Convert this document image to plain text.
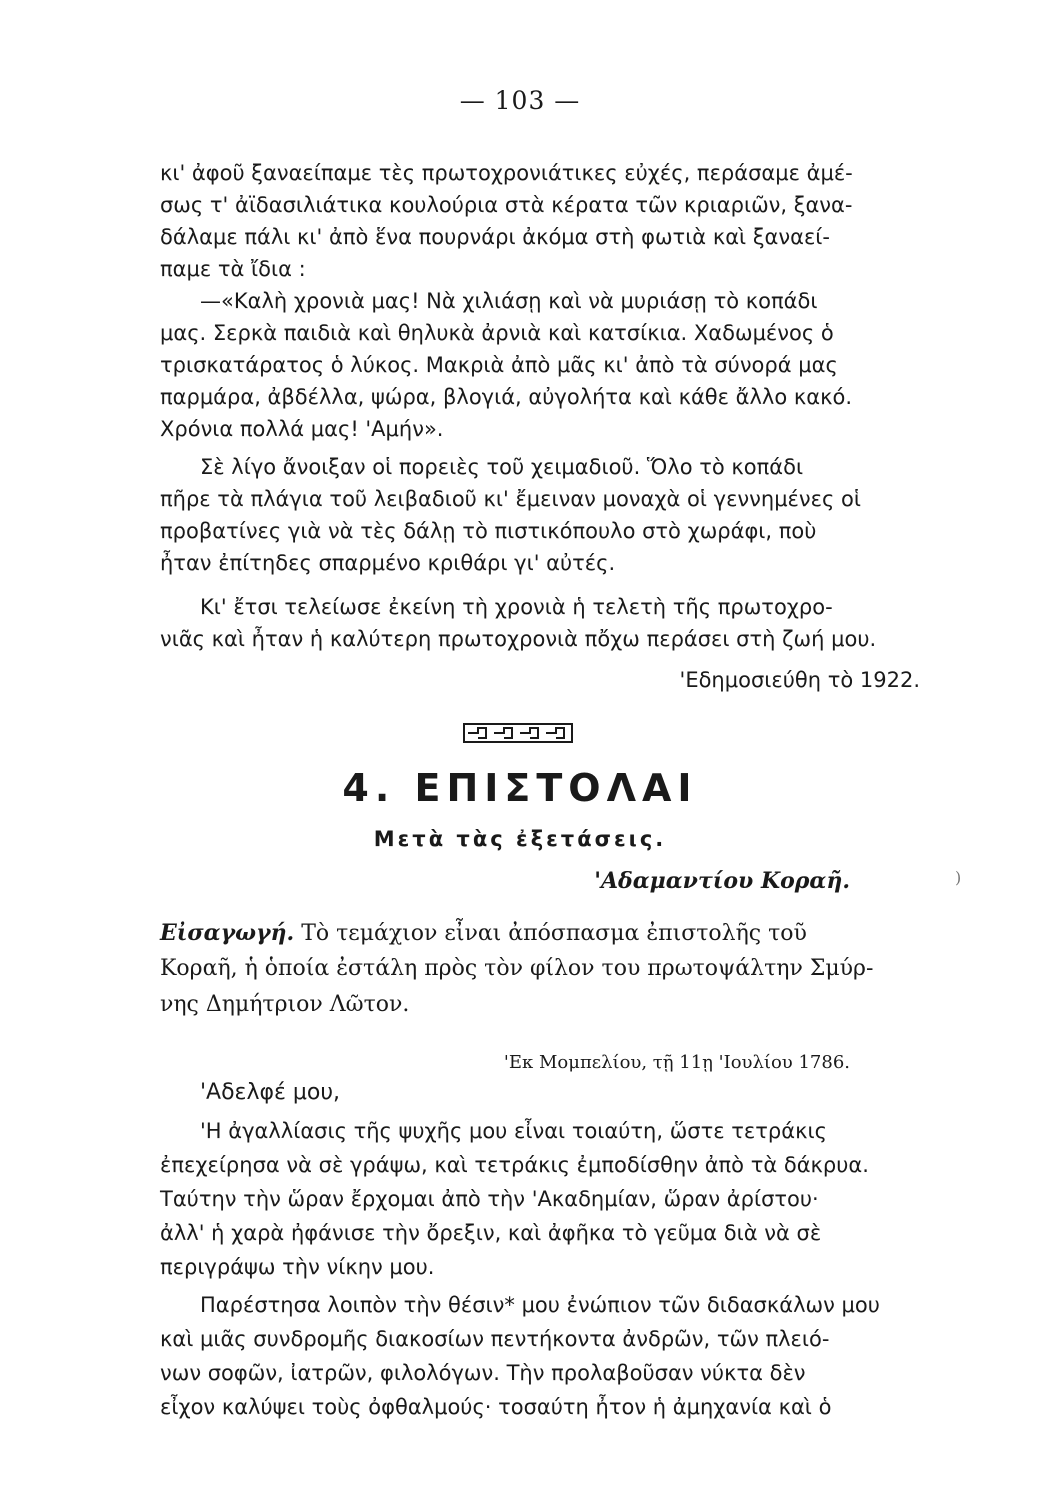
— 103 —
κι' ἀφοῦ ξαναείπαμε τὲς πρωτοχρονιάτικες εὐχές, περάσαμε ἀμέ-
σως τ' ἀϊδασιλιάτικα κουλούρια στὰ κέρατα τῶν κριαριῶν, ξανα-
δάλαμε πάλι κι' ἀπὸ ἕνα πουρνάρι ἀκόμα στὴ φωτιὰ καὶ ξαναεί-
παμε τὰ ἴδια :
—«Καλὴ χρονιὰ μας! Νὰ χιλιάσῃ καὶ νὰ μυριάσῃ τὸ κοπάδι
μας. Σερκὰ παιδιὰ καὶ θηλυκὰ ἀρνιὰ καὶ κατσίκια. Χαδωμένος ὁ
τρισκατάρατος ὁ λύκος. Μακριὰ ἀπὸ μᾶς κι' ἀπὸ τὰ σύνορά μας
παρμάρα, ἀβδέλλα, ψώρα, βλογιά, αὐγολήτα καὶ κάθε ἄλλο κακό.
Χρόνια πολλά μας! 'Αμήν».
Σὲ λίγο ἄνοιξαν οἱ πορειὲς τοῦ χειμαδιοῦ. Ὅλο τὸ κοπάδι
πῆρε τὰ πλάγια τοῦ λειβαδιοῦ κι' ἔμειναν μοναχὰ οἱ γεννημένες οἱ
προβατίνες γιὰ νὰ τὲς δάλῃ τὸ πιστικόπουλο στὸ χωράφι, ποὺ
ἦταν ἐπίτηδες σπαρμένο κριθάρι γι' αὐτές.
Κι' ἔτσι τελείωσε ἐκείνη τὴ χρονιὰ ἡ τελετὴ τῆς πρωτοχρο-
νιᾶς καὶ ἦταν ἡ καλύτερη πρωτοχρονιὰ πὄχω περάσει στὴ ζωή μου.
'Εδημοσιεύθη τὸ 1922.
4. ΕΠΙΣΤΟΛΑΙ
Μετὰ τὰς ἐξετάσεις.
'Αδαμαντίου Κοραῆ.	)
Εἰσαγωγή. Τὸ τεμάχιον εἶναι ἀπόσπασμα ἐπιστολῆς τοῦ
Κοραῆ, ἡ ὁποία ἐστάλη πρὸς τὸν φίλον του πρωτοψάλτην Σμύρ-
νης Δημήτριον Λῶτον.
'Εκ Μομπελίου, τῇ 11ῃ 'Ιουλίου 1786.
'Αδελφέ μου,
'Η ἀγαλλίασις τῆς ψυχῆς μου εἶναι τοιαύτη, ὥστε τετράκις
ἐπεχείρησα νὰ σὲ γράψω, καὶ τετράκις ἐμποδίσθην ἀπὸ τὰ δάκρυα.
Ταύτην τὴν ὥραν ἔρχομαι ἀπὸ τὴν 'Ακαδημίαν, ὥραν ἀρίστου·
ἀλλ' ἡ χαρὰ ἠφάνισε τὴν ὄρεξιν, καὶ ἀφῆκα τὸ γεῦμα διὰ νὰ σὲ
περιγράψω τὴν νίκην μου.
Παρέστησα λοιπὸν τὴν θέσιν* μου ἐνώπιον τῶν διδασκάλων μου
καὶ μιᾶς συνδρομῆς διακοσίων πεντήκοντα ἀνδρῶν, τῶν πλειό-
νων σοφῶν, ἰατρῶν, φιλολόγων. Τὴν προλαβοῦσαν νύκτα δὲν
εἶχον καλύψει τοὺς ὀφθαλμούς· τοσαύτη ἦτον ἡ ἀμηχανία καὶ ὁ
